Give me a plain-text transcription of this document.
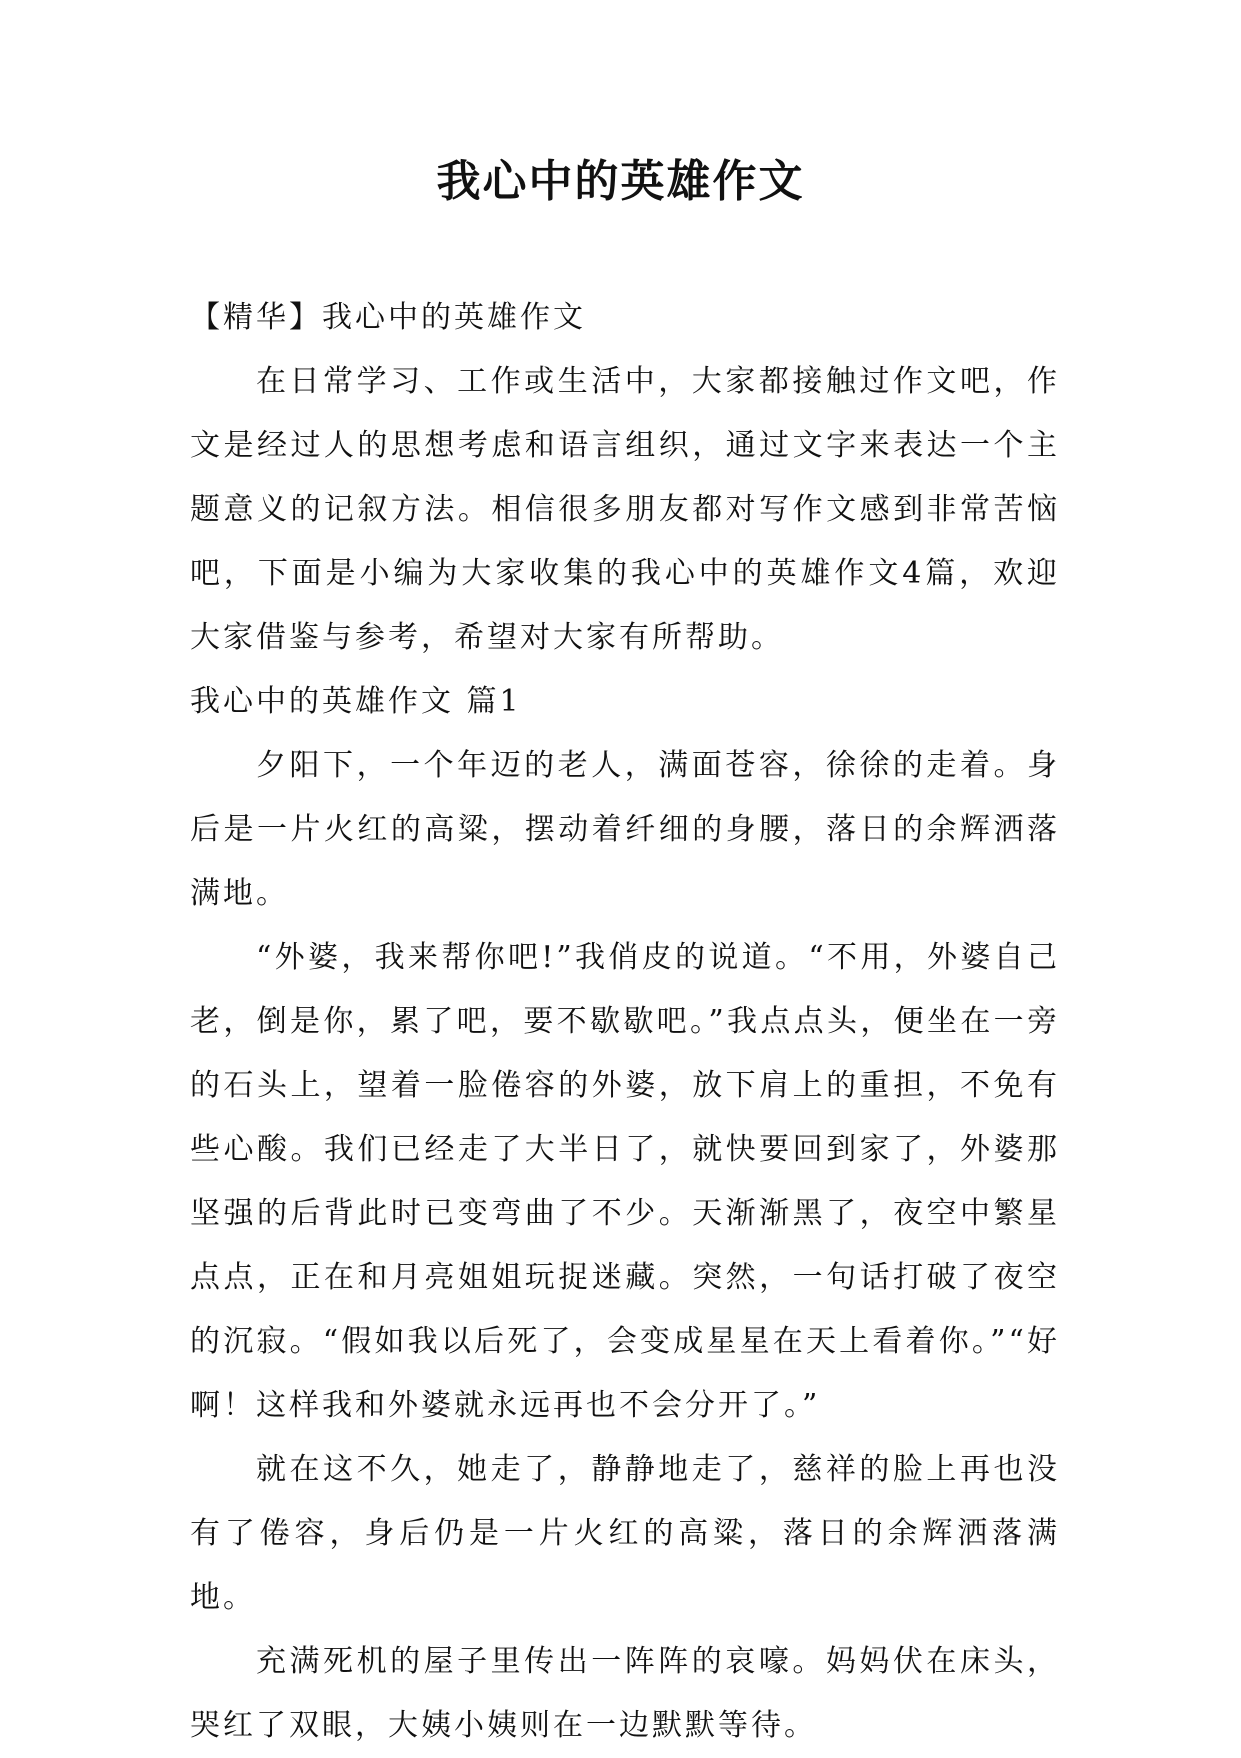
我心中的英雄作文

【精华】我心中的英雄作文

在日常学习、工作或生活中，大家都接触过作文吧，作文是经过人的思想考虑和语言组织，通过文字来表达一个主题意义的记叙方法。相信很多朋友都对写作文感到非常苦恼吧，下面是小编为大家收集的我心中的英雄作文4篇，欢迎大家借鉴与参考，希望对大家有所帮助。

我心中的英雄作文 篇1

夕阳下，一个年迈的老人，满面苍容，徐徐的走着。身后是一片火红的高粱，摆动着纤细的身腰，落日的余辉洒落满地。

“外婆，我来帮你吧!”我俏皮的说道。“不用，外婆自己老，倒是你，累了吧，要不歇歇吧。”我点点头，便坐在一旁的石头上，望着一脸倦容的外婆，放下肩上的重担，不免有些心酸。我们已经走了大半日了，就快要回到家了，外婆那坚强的后背此时已变弯曲了不少。天渐渐黑了，夜空中繁星点点，正在和月亮姐姐玩捉迷藏。突然，一句话打破了夜空的沉寂。“假如我以后死了，会变成星星在天上看着你。”“好啊！这样我和外婆就永远再也不会分开了。”

就在这不久，她走了，静静地走了，慈祥的脸上再也没有了倦容，身后仍是一片火红的高粱，落日的余辉洒落满地。

充满死机的屋子里传出一阵阵的哀嚎。妈妈伏在床头，哭红了双眼，大姨小姨则在一边默默等待。
